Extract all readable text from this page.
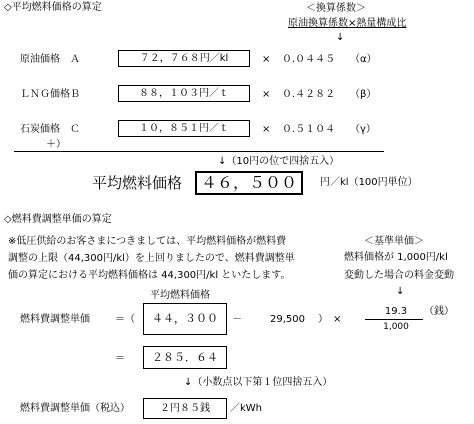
◇平均燃料価格の算定	＜換算係数＞
原油換算係数×熱量構成比
↓
原油価格　Ａ	７２，７６８円／kl	× ０.０４４５ （α）
ＬＮＧ価格Ｂ	８８，１０３円／ｔ	× ０.４２８２ （β）
石炭価格　Ｃ	１０，８５１円／ｔ	× ０.５１０４ （γ）
＋）
↓（10円の位で四捨五入）
平均燃料価格	４６，５００	円／kl（100円単位）
◇燃料費調整単価の算定
※低圧供給のお客さまにつきましては、平均燃料価格が燃料費
調整の上限（44,300円/kl）を上回りましたので、燃料費調整単
価の算定における平均燃料価格は 44,300円/kl といたします。
＜基準単価＞
燃料価格が 1,000円/kl
変動した場合の料金変動
↓
平均燃料価格
燃料費調整単価	＝（	４４，３００	－	29,500 ）　×
19.3
1,000
（銭）
＝	２８５．６４
↓（小数点以下第１位四捨五入）
燃料費調整単価（税込）	２円８５銭	／kWh
